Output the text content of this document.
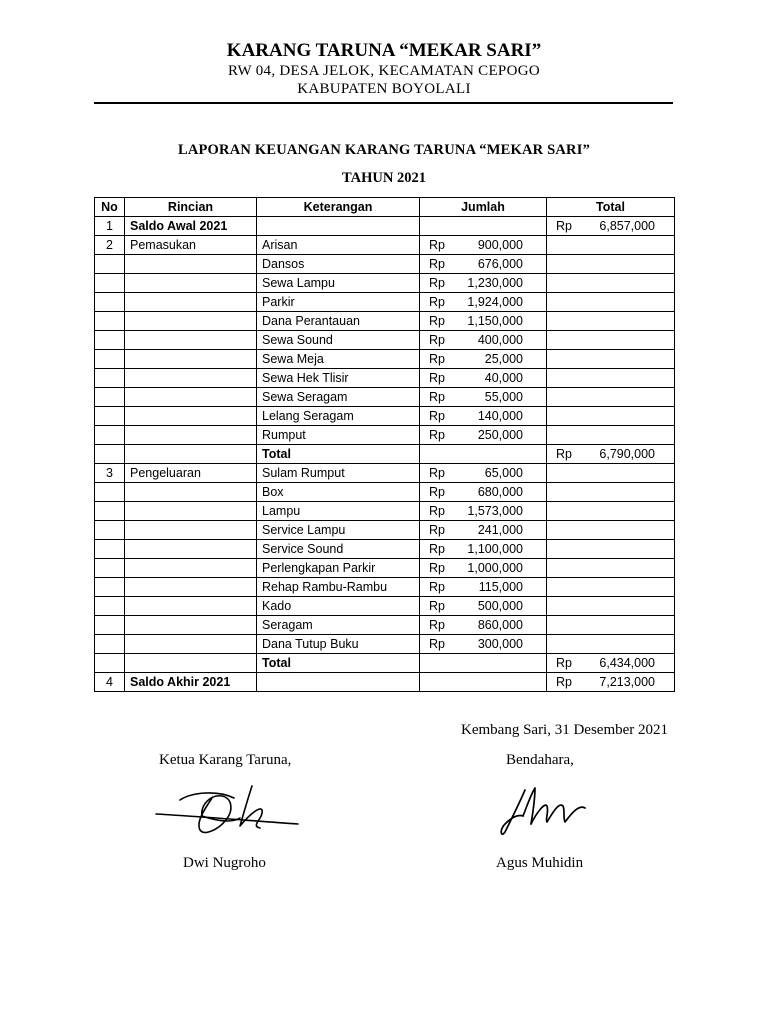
KARANG TARUNA “MEKAR SARI”
RW 04, DESA JELOK, KECAMATAN CEPOGO
KABUPATEN BOYOLALI
LAPORAN KEUANGAN KARANG TARUNA “MEKAR SARI”
TAHUN 2021
No	Rincian	Keterangan	Jumlah	Total
1	Saldo Awal 2021			Rp 6,857,000

2	Pemasukan	Arisan	Rp 900,000	

		Dansos	Rp 676,000	

		Sewa Lampu	Rp 1,230,000	

		Parkir	Rp 1,924,000	

		Dana Perantauan	Rp 1,150,000	

		Sewa Sound	Rp 400,000	

		Sewa Meja	Rp 25,000	

		Sewa Hek Tlisir	Rp 40,000	

		Sewa Seragam	Rp 55,000	

		Lelang Seragam	Rp 140,000	

		Rumput	Rp 250,000	

		Total		Rp 6,790,000

3	Pengeluaran	Sulam Rumput	Rp 65,000	

		Box	Rp 680,000	

		Lampu	Rp 1,573,000	

		Service Lampu	Rp 241,000	

		Service Sound	Rp 1,100,000	

		Perlengkapan Parkir	Rp 1,000,000	

		Rehap Rambu-Rambu	Rp 115,000	

		Kado	Rp 500,000	

		Seragam	Rp 860,000	

		Dana Tutup Buku	Rp 300,000	

		Total		Rp 6,434,000

4	Saldo Akhir 2021			Rp 7,213,000
Kembang Sari, 31 Desember 2021
Ketua Karang Taruna,	Bendahara,
Dwi Nugroho	Agus Muhidin
